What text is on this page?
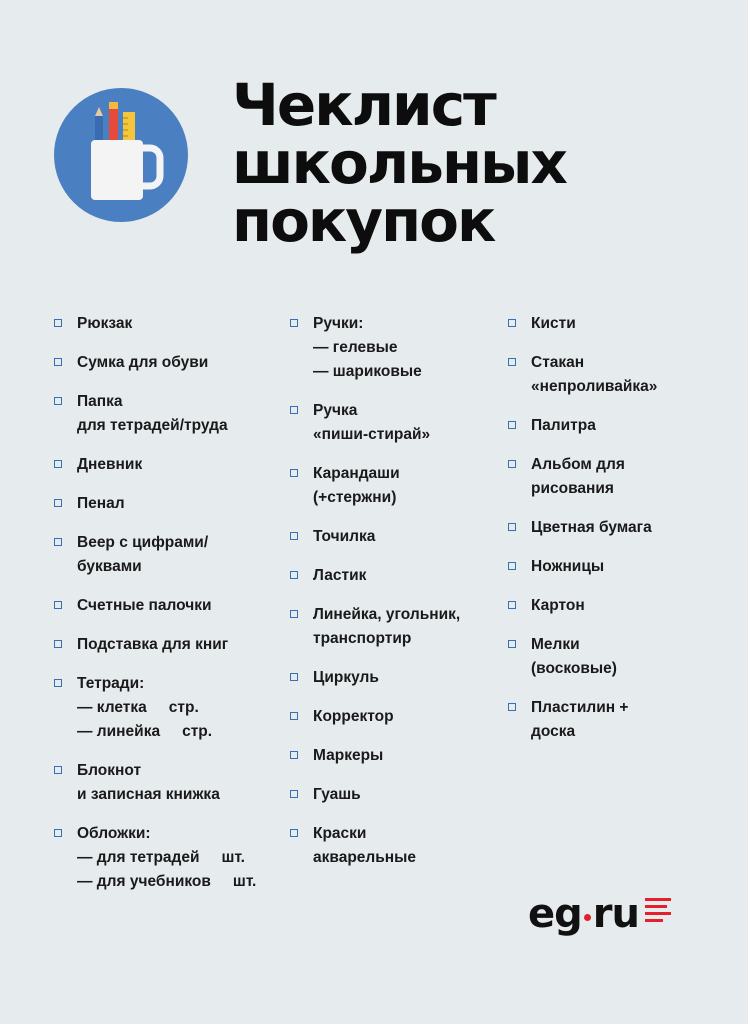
Чеклист
школьных
покупок
Рюкзак
Сумка для обуви
Папка
для тетрадей/труда
Дневник
Пенал
Веер с цифрами/
буквами
Счетные палочки
Подставка для книг
Тетради:
— клетка стр.
— линейка стр.
Блокнот
и записная книжка
Обложки:
— для тетрадей шт.
— для учебников шт.
Ручки:
— гелевые
— шариковые
Ручка
«пиши-стирай»
Карандаши
(+стержни)
Точилка
Ластик
Линейка, угольник,
транспортир
Циркуль
Корректор
Маркеры
Гуашь
Краски
акварельные
Кисти
Стакан
«непроливайка»
Палитра
Альбом для
рисования
Цветная бумага
Ножницы
Картон
Мелки
(восковые)
Пластилин +
доска
eg ru
